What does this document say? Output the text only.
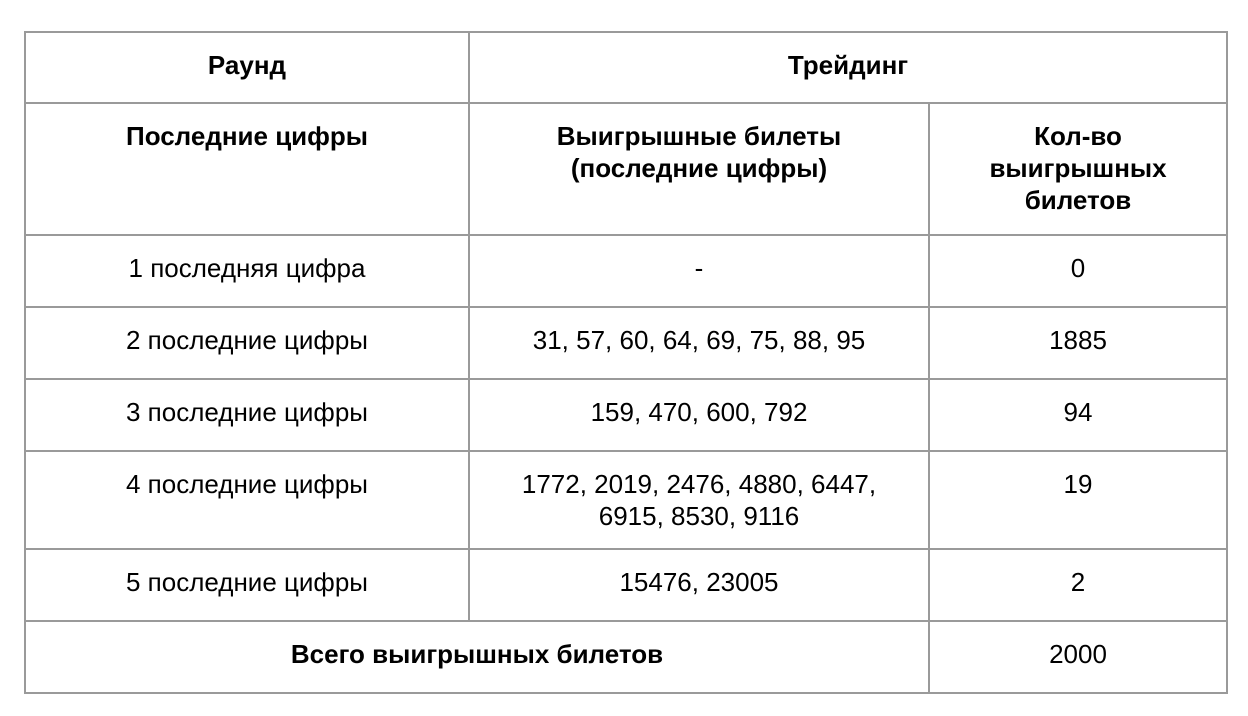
Раунд	Трейдинг	
Последние цифры	Выигрышные билеты (последние цифры)	Кол-во выигрышных билетов
1 последняя цифра	-	0
2 последние цифры	31, 57, 60, 64, 69, 75, 88, 95	1885
3 последние цифры	159, 470, 600, 792	94
4 последние цифры	1772, 2019, 2476, 4880, 6447, 6915, 8530, 9116	19
5 последние цифры	15476, 23005	2
Всего выигрышных билетов		2000
